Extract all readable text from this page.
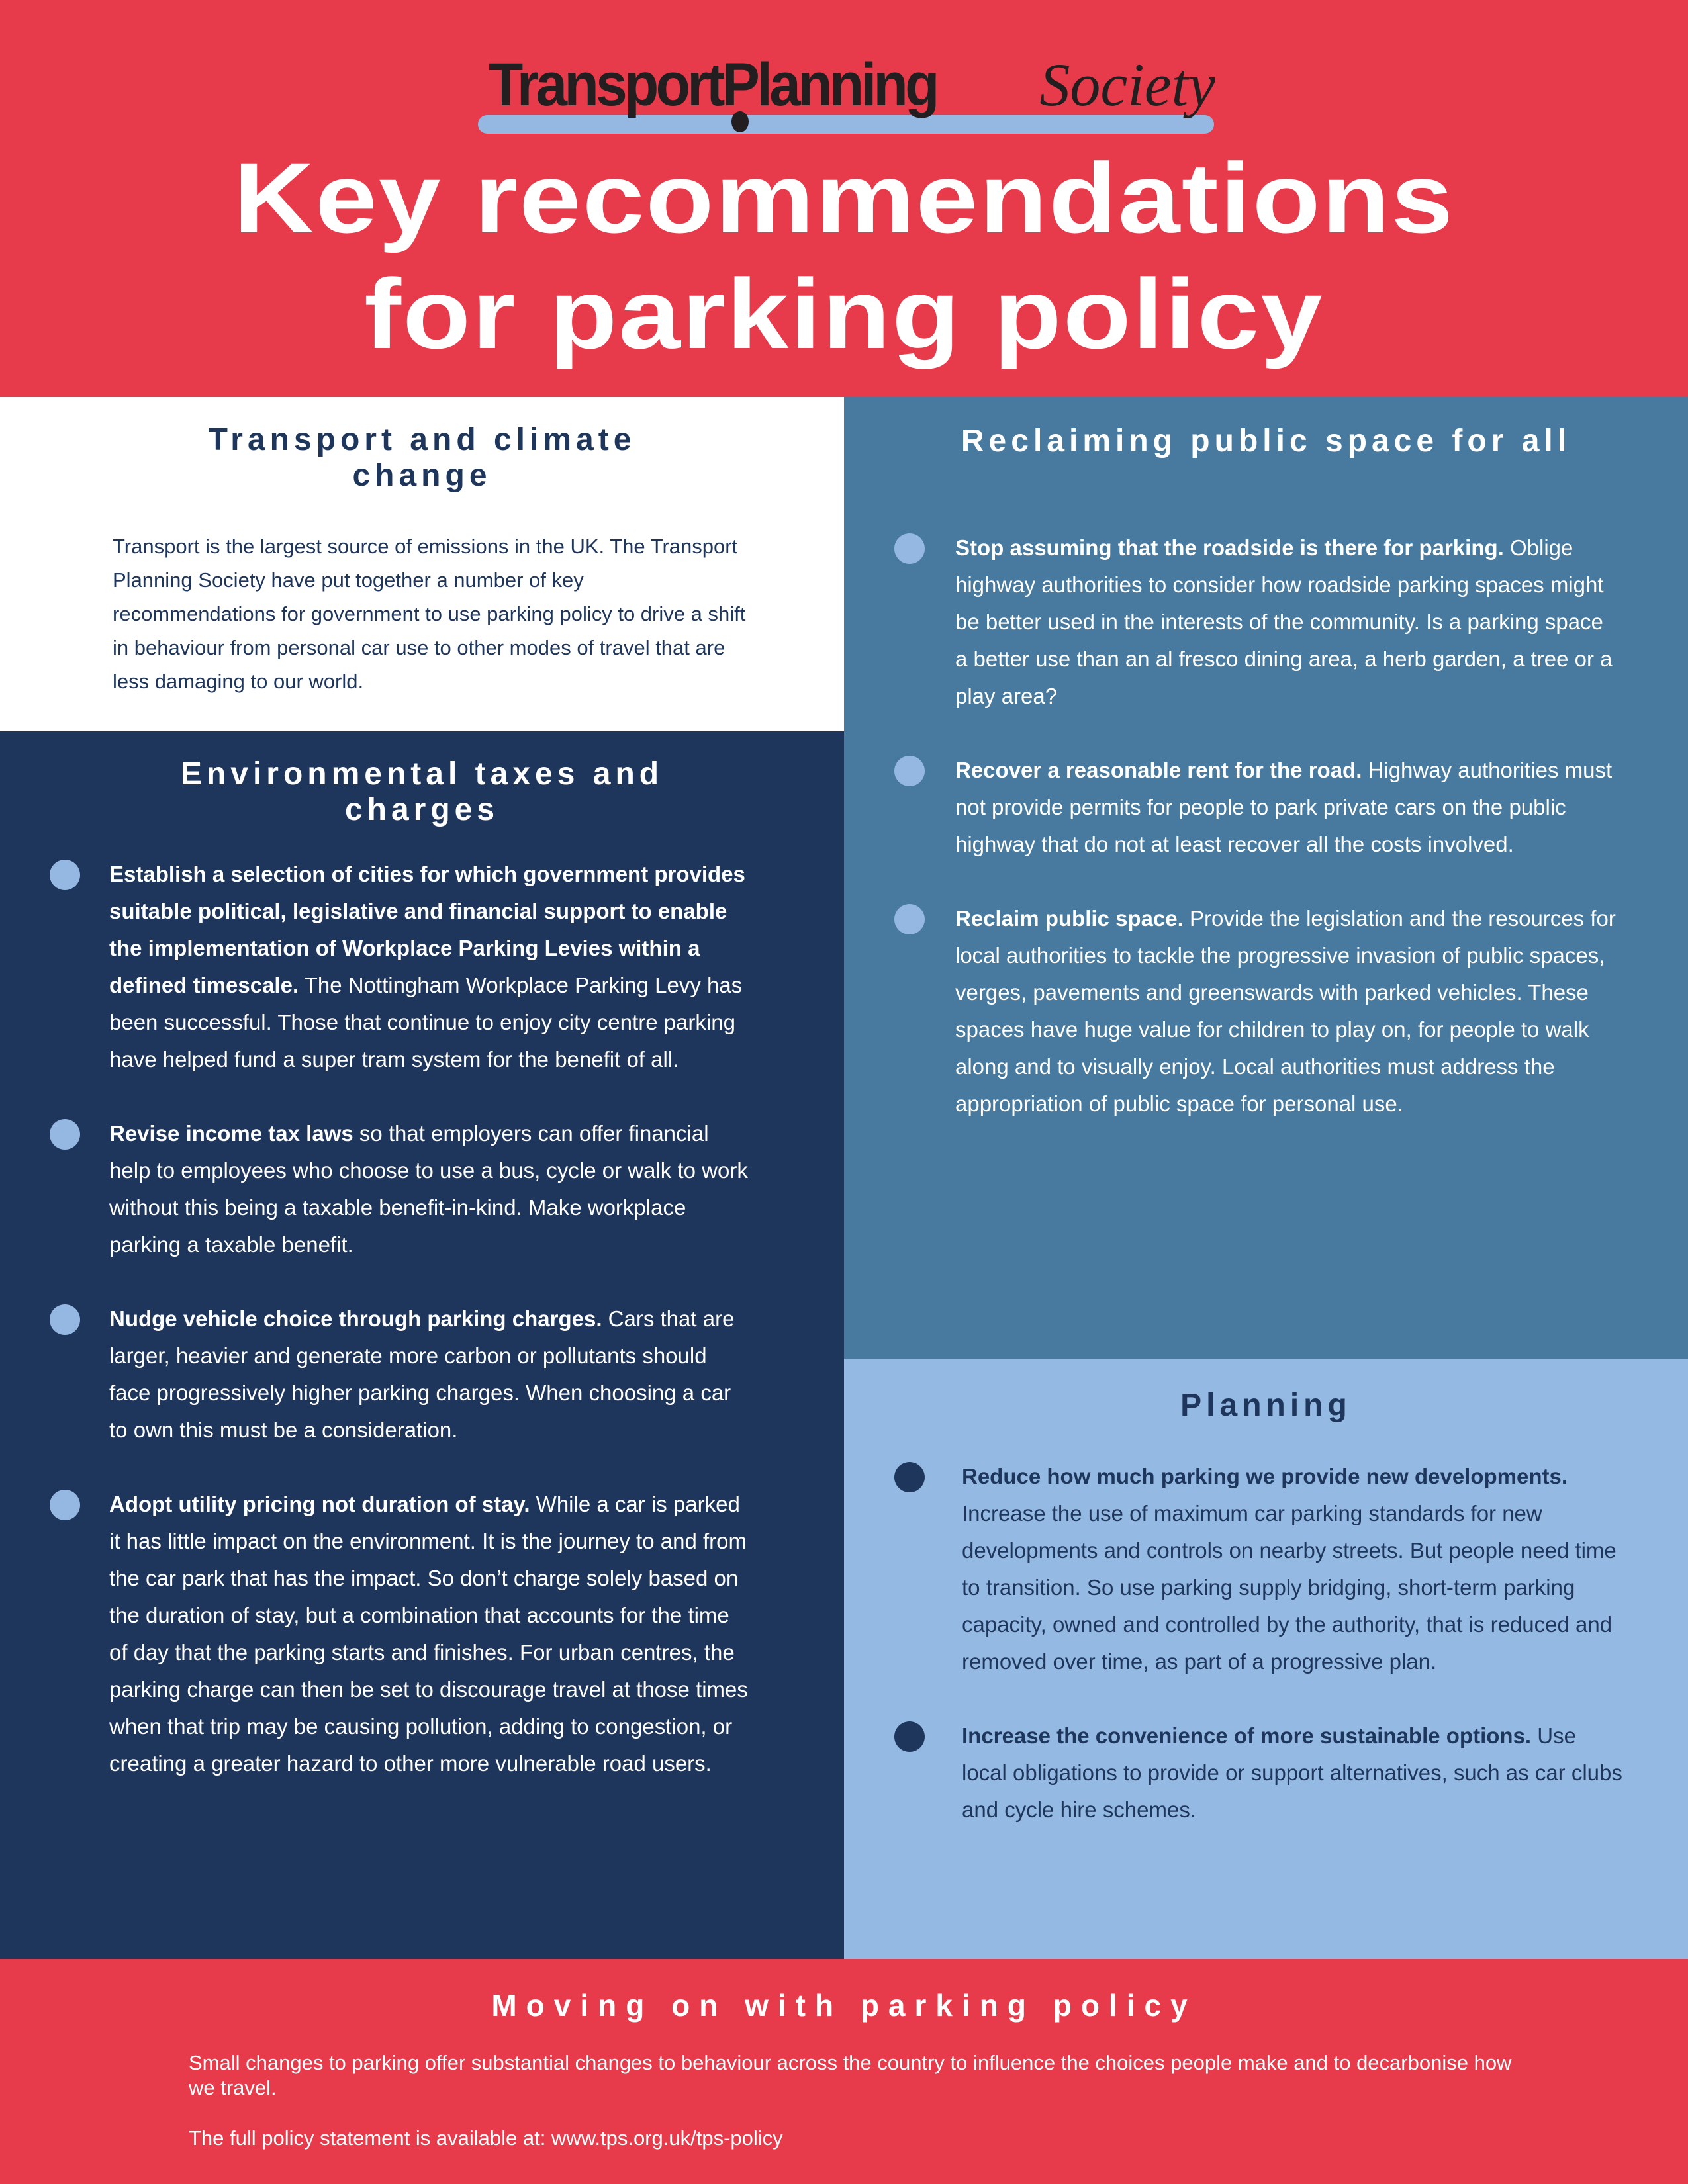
TransportPlanning Society
Key recommendations
for parking policy
Transport and climate change

Transport is the largest source of emissions in the UK. The Transport Planning Society have put together a number of key recommendations for government to use parking policy to drive a shift in behaviour from personal car use to other modes of travel that are less damaging to our world.

Environmental taxes and charges
Establish a selection of cities for which government provides suitable political, legislative and financial support to enable the implementation of Workplace Parking Levies within a defined timescale. The Nottingham Workplace Parking Levy has been successful. Those that continue to enjoy city centre parking have helped fund a super tram system for the benefit of all.
Revise income tax laws so that employers can offer financial help to employees who choose to use a bus, cycle or walk to work without this being a taxable benefit-in-kind. Make workplace parking a taxable benefit.
Nudge vehicle choice through parking charges. Cars that are larger, heavier and generate more carbon or pollutants should face progressively higher parking charges. When choosing a car to own this must be a consideration.
Adopt utility pricing not duration of stay. While a car is parked it has little impact on the environment. It is the journey to and from the car park that has the impact. So don’t charge solely based on the duration of stay, but a combination that accounts for the time of day that the parking starts and finishes. For urban centres, the parking charge can then be set to discourage travel at those times when that trip may be causing pollution, adding to congestion, or creating a greater hazard to other more vulnerable road users.
Reclaiming public space for all
Stop assuming that the roadside is there for parking. Oblige highway authorities to consider how roadside parking spaces might be better used in the interests of the community. Is a parking space a better use than an al fresco dining area, a herb garden, a tree or a play area?
Recover a reasonable rent for the road. Highway authorities must not provide permits for people to park private cars on the public highway that do not at least recover all the costs involved.
Reclaim public space. Provide the legislation and the resources for local authorities to tackle the progressive invasion of public spaces, verges, pavements and greenswards with parked vehicles. These spaces have huge value for children to play on, for people to walk along and to visually enjoy. Local authorities must address the appropriation of public space for personal use.
Planning
Reduce how much parking we provide new developments. Increase the use of maximum car parking standards for new developments and controls on nearby streets. But people need time to transition. So use parking supply bridging, short-term parking capacity, owned and controlled by the authority, that is reduced and removed over time, as part of a progressive plan.
Increase the convenience of more sustainable options. Use local obligations to provide or support alternatives, such as car clubs and cycle hire schemes.
Moving on with parking policy

Small changes to parking offer substantial changes to behaviour across the country to influence the choices people make and to decarbonise how we travel.

The full policy statement is available at: www.tps.org.uk/tps-policy
